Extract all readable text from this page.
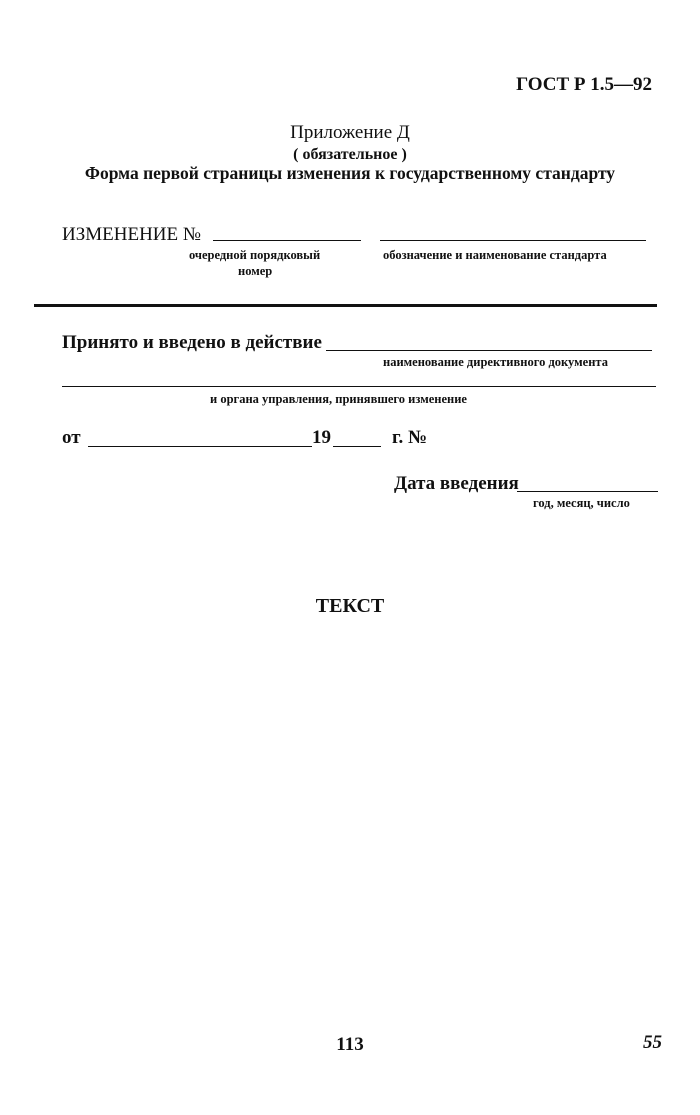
ГОСТ Р 1.5—92
Приложение Д
( обязательное )
Форма первой страницы изменения к государственному стандарту
ИЗМЕНЕНИЕ №
очередной порядковый
номер
обозначение и наименование стандарта
Принято и введено в действие
наименование директивного документа
и органа управления, принявшего изменение
от	19	г. №
Дата введения
год, месяц, число
ТЕКСТ
113	55
